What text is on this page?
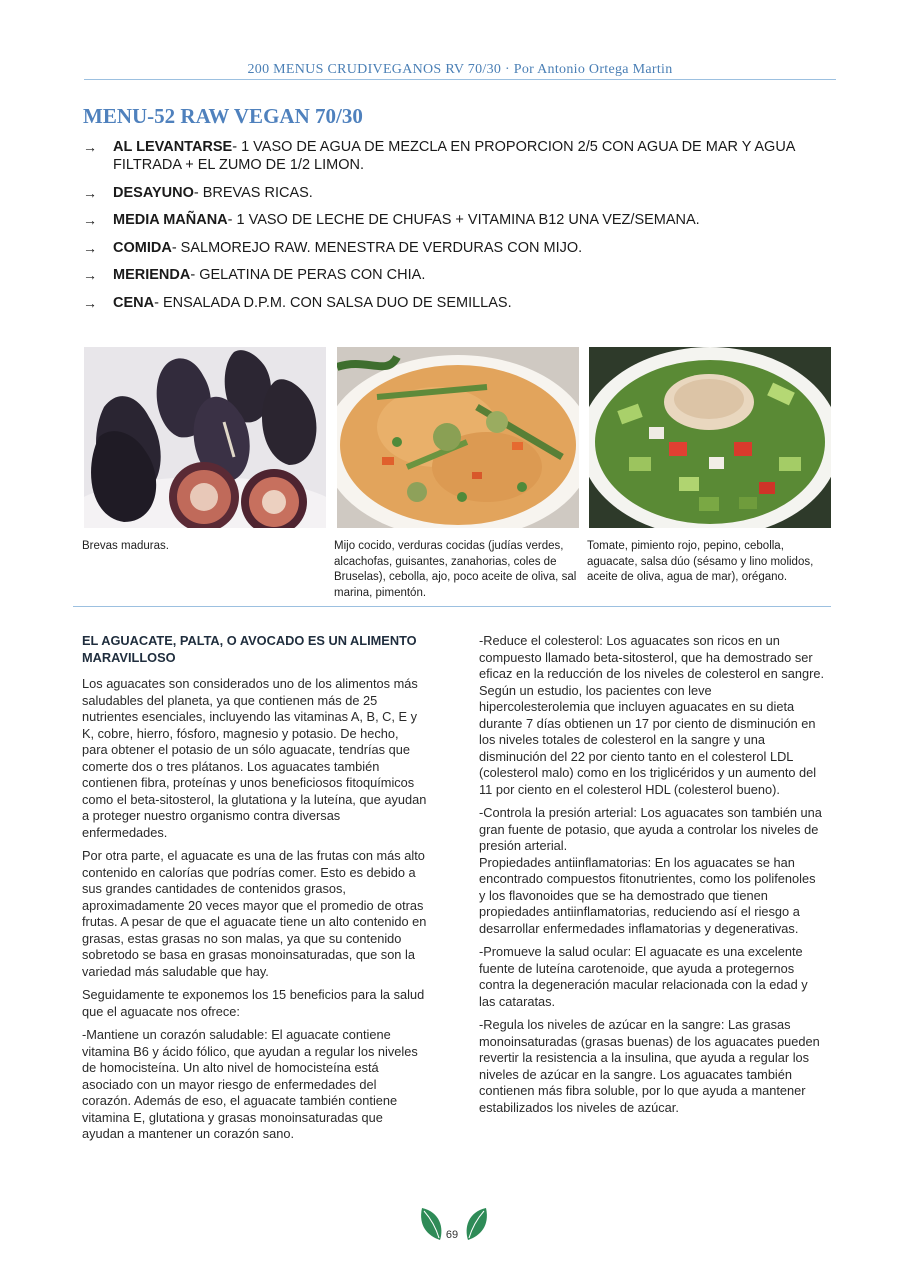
200 MENUS CRUDIVEGANOS RV 70/30 · Por Antonio Ortega Martin
MENU-52 RAW VEGAN 70/30
→ AL LEVANTARSE- 1 VASO DE AGUA DE MEZCLA EN PROPORCION 2/5 CON AGUA DE MAR Y AGUA FILTRADA + EL ZUMO DE 1/2 LIMON.
→ DESAYUNO- BREVAS RICAS.
→ MEDIA MAÑANA- 1 VASO DE LECHE DE CHUFAS + VITAMINA B12 UNA VEZ/SEMANA.
→ COMIDA- SALMOREJO RAW. MENESTRA DE VERDURAS CON MIJO.
→ MERIENDA- GELATINA DE PERAS CON CHIA.
→ CENA- ENSALADA D.P.M. CON SALSA DUO DE SEMILLAS.
Brevas maduras.	Mijo cocido, verduras cocidas (judías verdes, alcachofas, guisantes, zanahorias, coles de Bruselas), cebolla, ajo, poco aceite de oliva, sal marina, pimentón.
Tomate, pimiento rojo, pepino, cebolla, aguacate, salsa dúo (sésamo y lino molidos, aceite de oliva, agua de mar), orégano.

EL AGUACATE, PALTA, O AVOCADO ES UN ALIMENTO MARAVILLOSO

Los aguacates son considerados uno de los alimentos más saludables del planeta, ya que contienen más de 25 nutrientes esenciales, incluyendo las vitaminas A, B, C, E y K, cobre, hierro, fósforo, magnesio y potasio. De hecho, para obtener el potasio de un sólo aguacate, tendrías que comerte dos o tres plátanos. Los aguacates también contienen fibra, proteínas y unos beneficiosos fitoquímicos como el beta-sitosterol, la glutationa y la luteína, que ayudan a proteger nuestro organismo contra diversas enfermedades.

Por otra parte, el aguacate es una de las frutas con más alto contenido en calorías que podrías comer. Esto es debido a sus grandes cantidades de contenidos grasos, aproximadamente 20 veces mayor que el promedio de otras frutas. A pesar de que el aguacate tiene un alto contenido en grasas, estas grasas no son malas, ya que su contenido sobretodo se basa en grasas monoinsaturadas, que son la variedad más saludable que hay.

Seguidamente te exponemos los 15 beneficios para la salud que el aguacate nos ofrece:

-Mantiene un corazón saludable: El aguacate contiene vitamina B6 y ácido fólico, que ayudan a regular los niveles de homocisteína. Un alto nivel de homocisteína está asociado con un mayor riesgo de enfermedades del corazón. Además de eso, el aguacate también contiene vitamina E, glutationa y grasas monoinsaturadas que ayudan a mantener un corazón sano.

-Reduce el colesterol: Los aguacates son ricos en un compuesto llamado beta-sitosterol, que ha demostrado ser eficaz en la reducción de los niveles de colesterol en sangre. Según un estudio, los pacientes con leve hipercolesterolemia que incluyen aguacates en su dieta durante 7 días obtienen un 17 por ciento de disminución en los niveles totales de colesterol en la sangre y una disminución del 22 por ciento tanto en el colesterol LDL (colesterol malo) como en los triglicéridos y un aumento del 11 por ciento en el colesterol HDL (colesterol bueno).

-Controla la presión arterial: Los aguacates son también una gran fuente de potasio, que ayuda a controlar los niveles de presión arterial.

Propiedades antiinflamatorias: En los aguacates se han encontrado compuestos fitonutrientes, como los polifenoles y los flavonoides que se ha demostrado que tienen propiedades antiinflamatorias, reduciendo así el riesgo a desarrollar enfermedades inflamatorias y degenerativas.

-Promueve la salud ocular: El aguacate es una excelente fuente de luteína carotenoide, que ayuda a protegernos contra la degeneración macular relacionada con la edad y las cataratas.

-Regula los niveles de azúcar en la sangre: Las grasas monoinsaturadas (grasas buenas) de los aguacates pueden revertir la resistencia a la insulina, que ayuda a regular los niveles de azúcar en la sangre. Los aguacates también contienen más fibra soluble, por lo que ayuda a mantener estabilizados los niveles de azúcar.

69
